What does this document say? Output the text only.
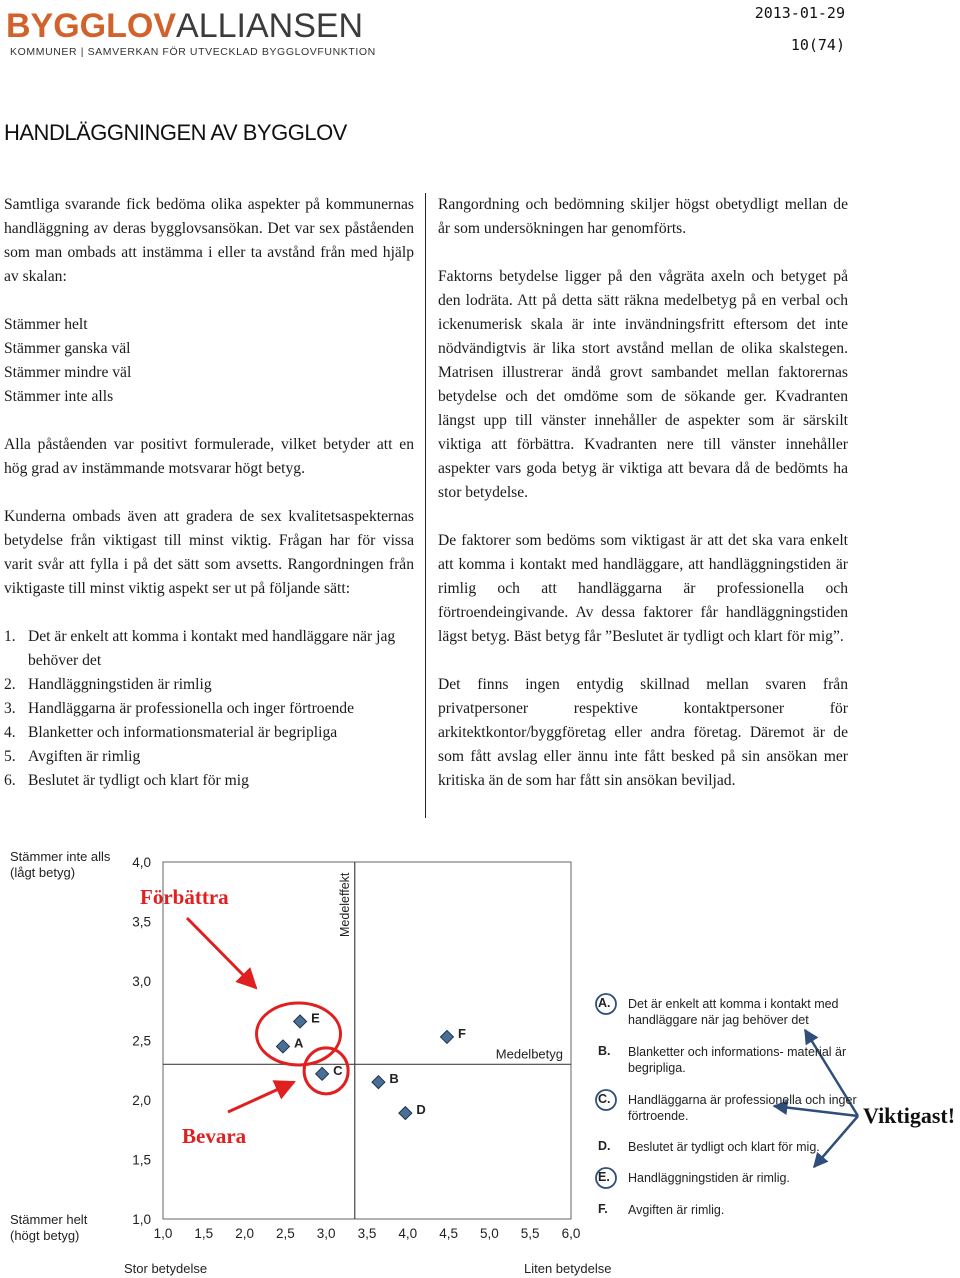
BYGGLOVALLIANSEN
KOMMUNER | SAMVERKAN FÖR UTVECKLAD BYGGLOVFUNKTION
2013-01-29
10(74)
HANDLÄGGNINGEN AV BYGGLOV

Samtliga svarande fick bedöma olika aspekter på kommunernas handläggning av deras bygglovsansökan. Det var sex påståenden som man ombads att instämma i eller ta avstånd från med hjälp av skalan:

Stämmer helt
Stämmer ganska väl
Stämmer mindre väl
Stämmer inte alls

Alla påståenden var positivt formulerade, vilket betyder att en hög grad av instämmande motsvarar högt betyg.

Kunderna ombads även att gradera de sex kvalitetsaspekternas betydelse från viktigast till minst viktig. Frågan har för vissa varit svår att fylla i på det sätt som avsetts. Rangordningen från viktigaste till minst viktig aspekt ser ut på följande sätt:

1. Det är enkelt att komma i kontakt med handläggare när jag behöver det
2. Handläggningstiden är rimlig
3. Handläggarna är professionella och inger förtroende
4. Blanketter och informationsmaterial är begripliga
5. Avgiften är rimlig
6. Beslutet är tydligt och klart för mig

Rangordning och bedömning skiljer högst obetydligt mellan de år som undersökningen har genomförts.

Faktorns betydelse ligger på den vågräta axeln och betyget på den lodräta. Att på detta sätt räkna medelbetyg på en verbal och ickenumerisk skala är inte invändningsfritt eftersom det inte nödvändigtvis är lika stort avstånd mellan de olika skalstegen. Matrisen illustrerar ändå grovt sambandet mellan faktorernas betydelse och det omdöme som de sökande ger. Kvadranten längst upp till vänster innehåller de aspekter som är särskilt viktiga att förbättra. Kvadranten nere till vänster innehåller aspekter vars goda betyg är viktiga att bevara då de bedömts ha stor betydelse.

De faktorer som bedöms som viktigast är att det ska vara enkelt att komma i kontakt med handläggare, att handläggningstiden är rimlig och att handläggarna är professionella och förtroendeingivande. Av dessa faktorer får handläggningstiden lägst betyg. Bäst betyg får ”Beslutet är tydligt och klart för mig”.

Det finns ingen entydig skillnad mellan svaren från privatpersoner respektive kontaktpersoner för arkitektkontor/byggföretag eller andra företag. Däremot är de som fått avslag eller ännu inte fått besked på sin ansökan mer kritiska än de som har fått sin ansökan beviljad.

Stämmer inte alls
(lågt betyg)
Stämmer helt
(högt betyg)
Stor betydelse	Liten betydelse
1,0 1,5 2,0 2,5 3,0 3,5 4,0 4,5 5,0 5,5 6,0
1,0
1,5
2,0
2,5
3,0
3,5
4,0
Medeleffekt
Medelbetyg
A
B
C
D
E
F
A.	Det är enkelt att komma i kontakt med handläggare när jag behöver det
B.	Blanketter och informations- material är begripliga.
C.	Handläggarna är professionella och inger förtroende.
D.	Beslutet är tydligt och klart för mig.
E.	Handläggningstiden är rimlig.
F.	Avgiften är rimlig.
Förbättra
Bevara
Viktigast!
